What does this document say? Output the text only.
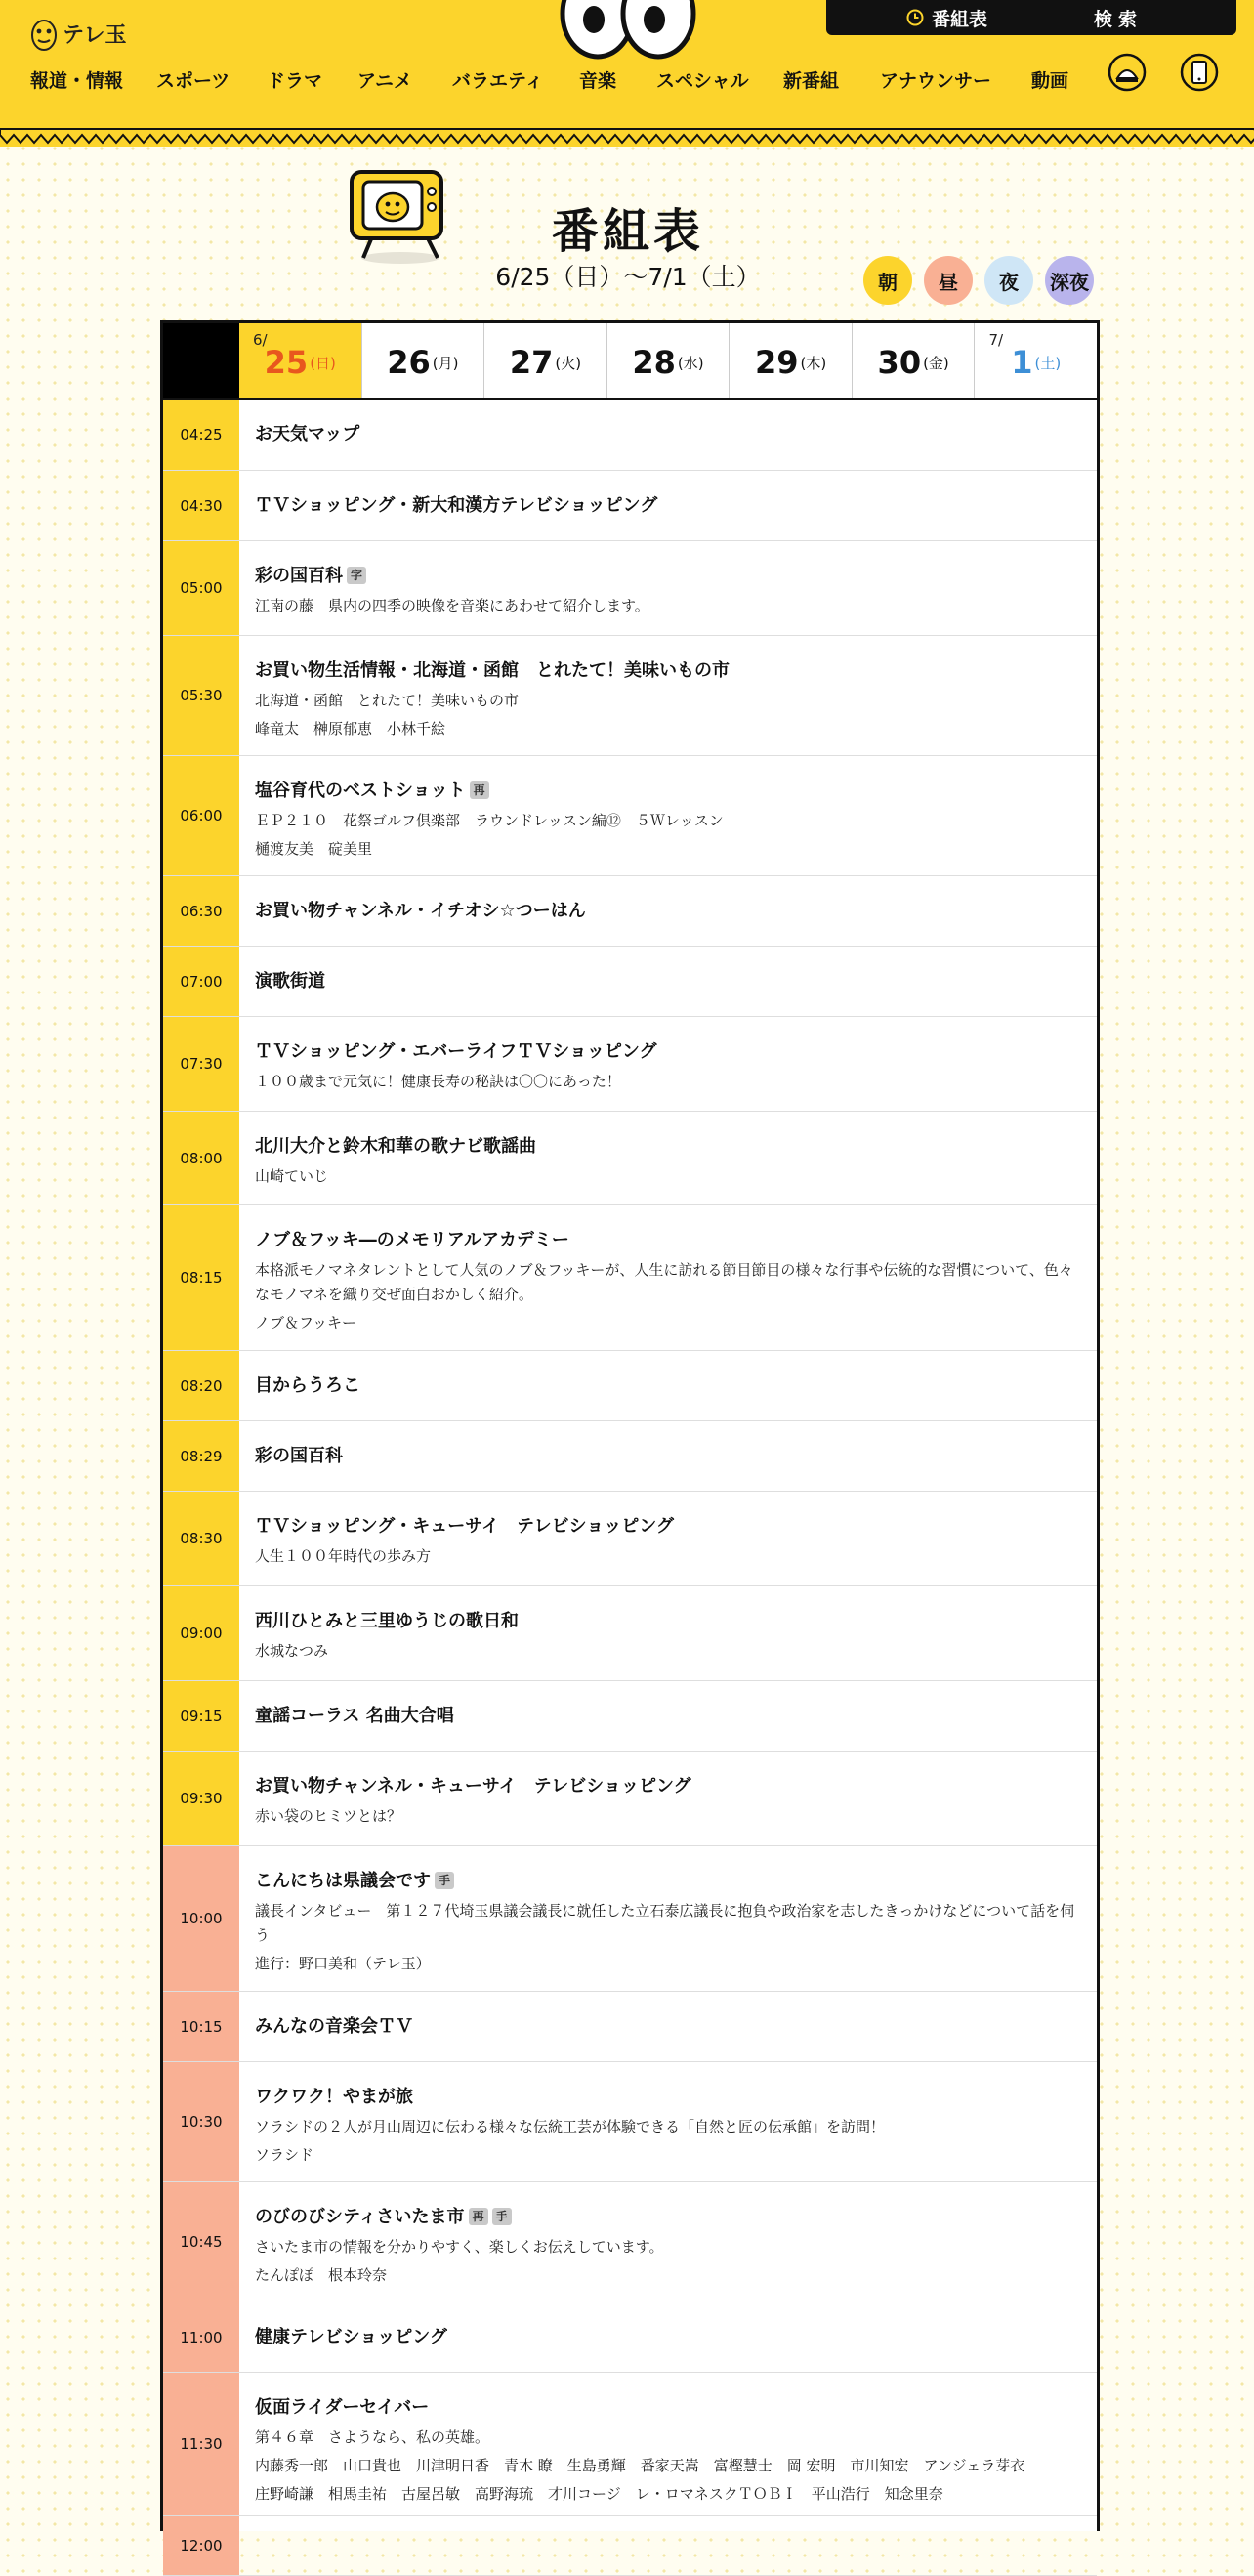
テレ玉
番組表	検索
報道・情報 スポーツ ドラマ アニメ バラエティ 音楽 スペシャル 新番組 アナウンサー 動画
番組表
6/25（日）～7/1（土）	朝	昼	夜	深夜
6/
25 (日) 26 (月) 27 (火) 28 (水) 29 (木) 30 (金)
7/
1 (土)
04:25	お天気マップ
04:30	ＴＶショッピング・新大和漢方テレビショッピング
05:00
彩の国百科 字
江南の藤　県内の四季の映像を音楽にあわせて紹介します。
05:30
お買い物生活情報・北海道・函館　とれたて！美味いもの市
北海道・函館　とれたて！美味いもの市
峰竜太　榊原郁恵　小林千絵
06:00
塩谷育代のベストショット 再
ＥＰ２１０　花祭ゴルフ倶楽部　ラウンドレッスン編⑫　５Ｗレッスン
樋渡友美　碇美里
06:30	お買い物チャンネル・イチオシ☆つーはん
07:00	演歌街道
07:30
ＴＶショッピング・エバーライフＴＶショッピング
１００歳まで元気に！健康長寿の秘訣は〇〇にあった！
08:00
北川大介と鈴木和華の歌ナビ歌謡曲
山崎ていじ
08:15
ノブ＆フッキ―のメモリアルアカデミー
本格派モノマネタレントとして人気のノブ＆フッキーが、人生に訪れる節目節目の様々な行事や伝統的な習慣について、色々なモノマネを織り交ぜ面白おかしく紹介。
ノブ＆フッキー
08:20	目からうろこ
08:29	彩の国百科
08:30
ＴＶショッピング・キューサイ　テレビショッピング
人生１００年時代の歩み方
09:00
西川ひとみと三里ゆうじの歌日和
水城なつみ
09:15	童謡コーラス 名曲大合唱
09:30
お買い物チャンネル・キューサイ　テレビショッピング
赤い袋のヒミツとは？
10:00
こんにちは県議会です 手
議長インタビュー　第１２７代埼玉県議会議長に就任した立石泰広議長に抱負や政治家を志したきっかけなどについて話を伺う
進行：野口美和（テレ玉）
10:15	みんなの音楽会ＴＶ
10:30
ワクワク！やまが旅
ソラシドの２人が月山周辺に伝わる様々な伝統工芸が体験できる「自然と匠の伝承館」を訪問！
ソラシド
10:45
のびのびシティさいたま市 再 手
さいたま市の情報を分かりやすく、楽しくお伝えしています。
たんぽぽ　根本玲奈
11:00	健康テレビショッピング
11:30
仮面ライダーセイバー
第４６章　さようなら、私の英雄。
内藤秀一郎　山口貴也　川津明日香　青木 瞭　生島勇輝　番家天嵩　富樫慧士　岡 宏明　市川知宏　アンジェラ芽衣
庄野崎謙　相馬圭祐　古屋呂敏　高野海琉　才川コージ　レ・ロマネスクＴＯＢＩ　平山浩行　知念里奈
12:00
